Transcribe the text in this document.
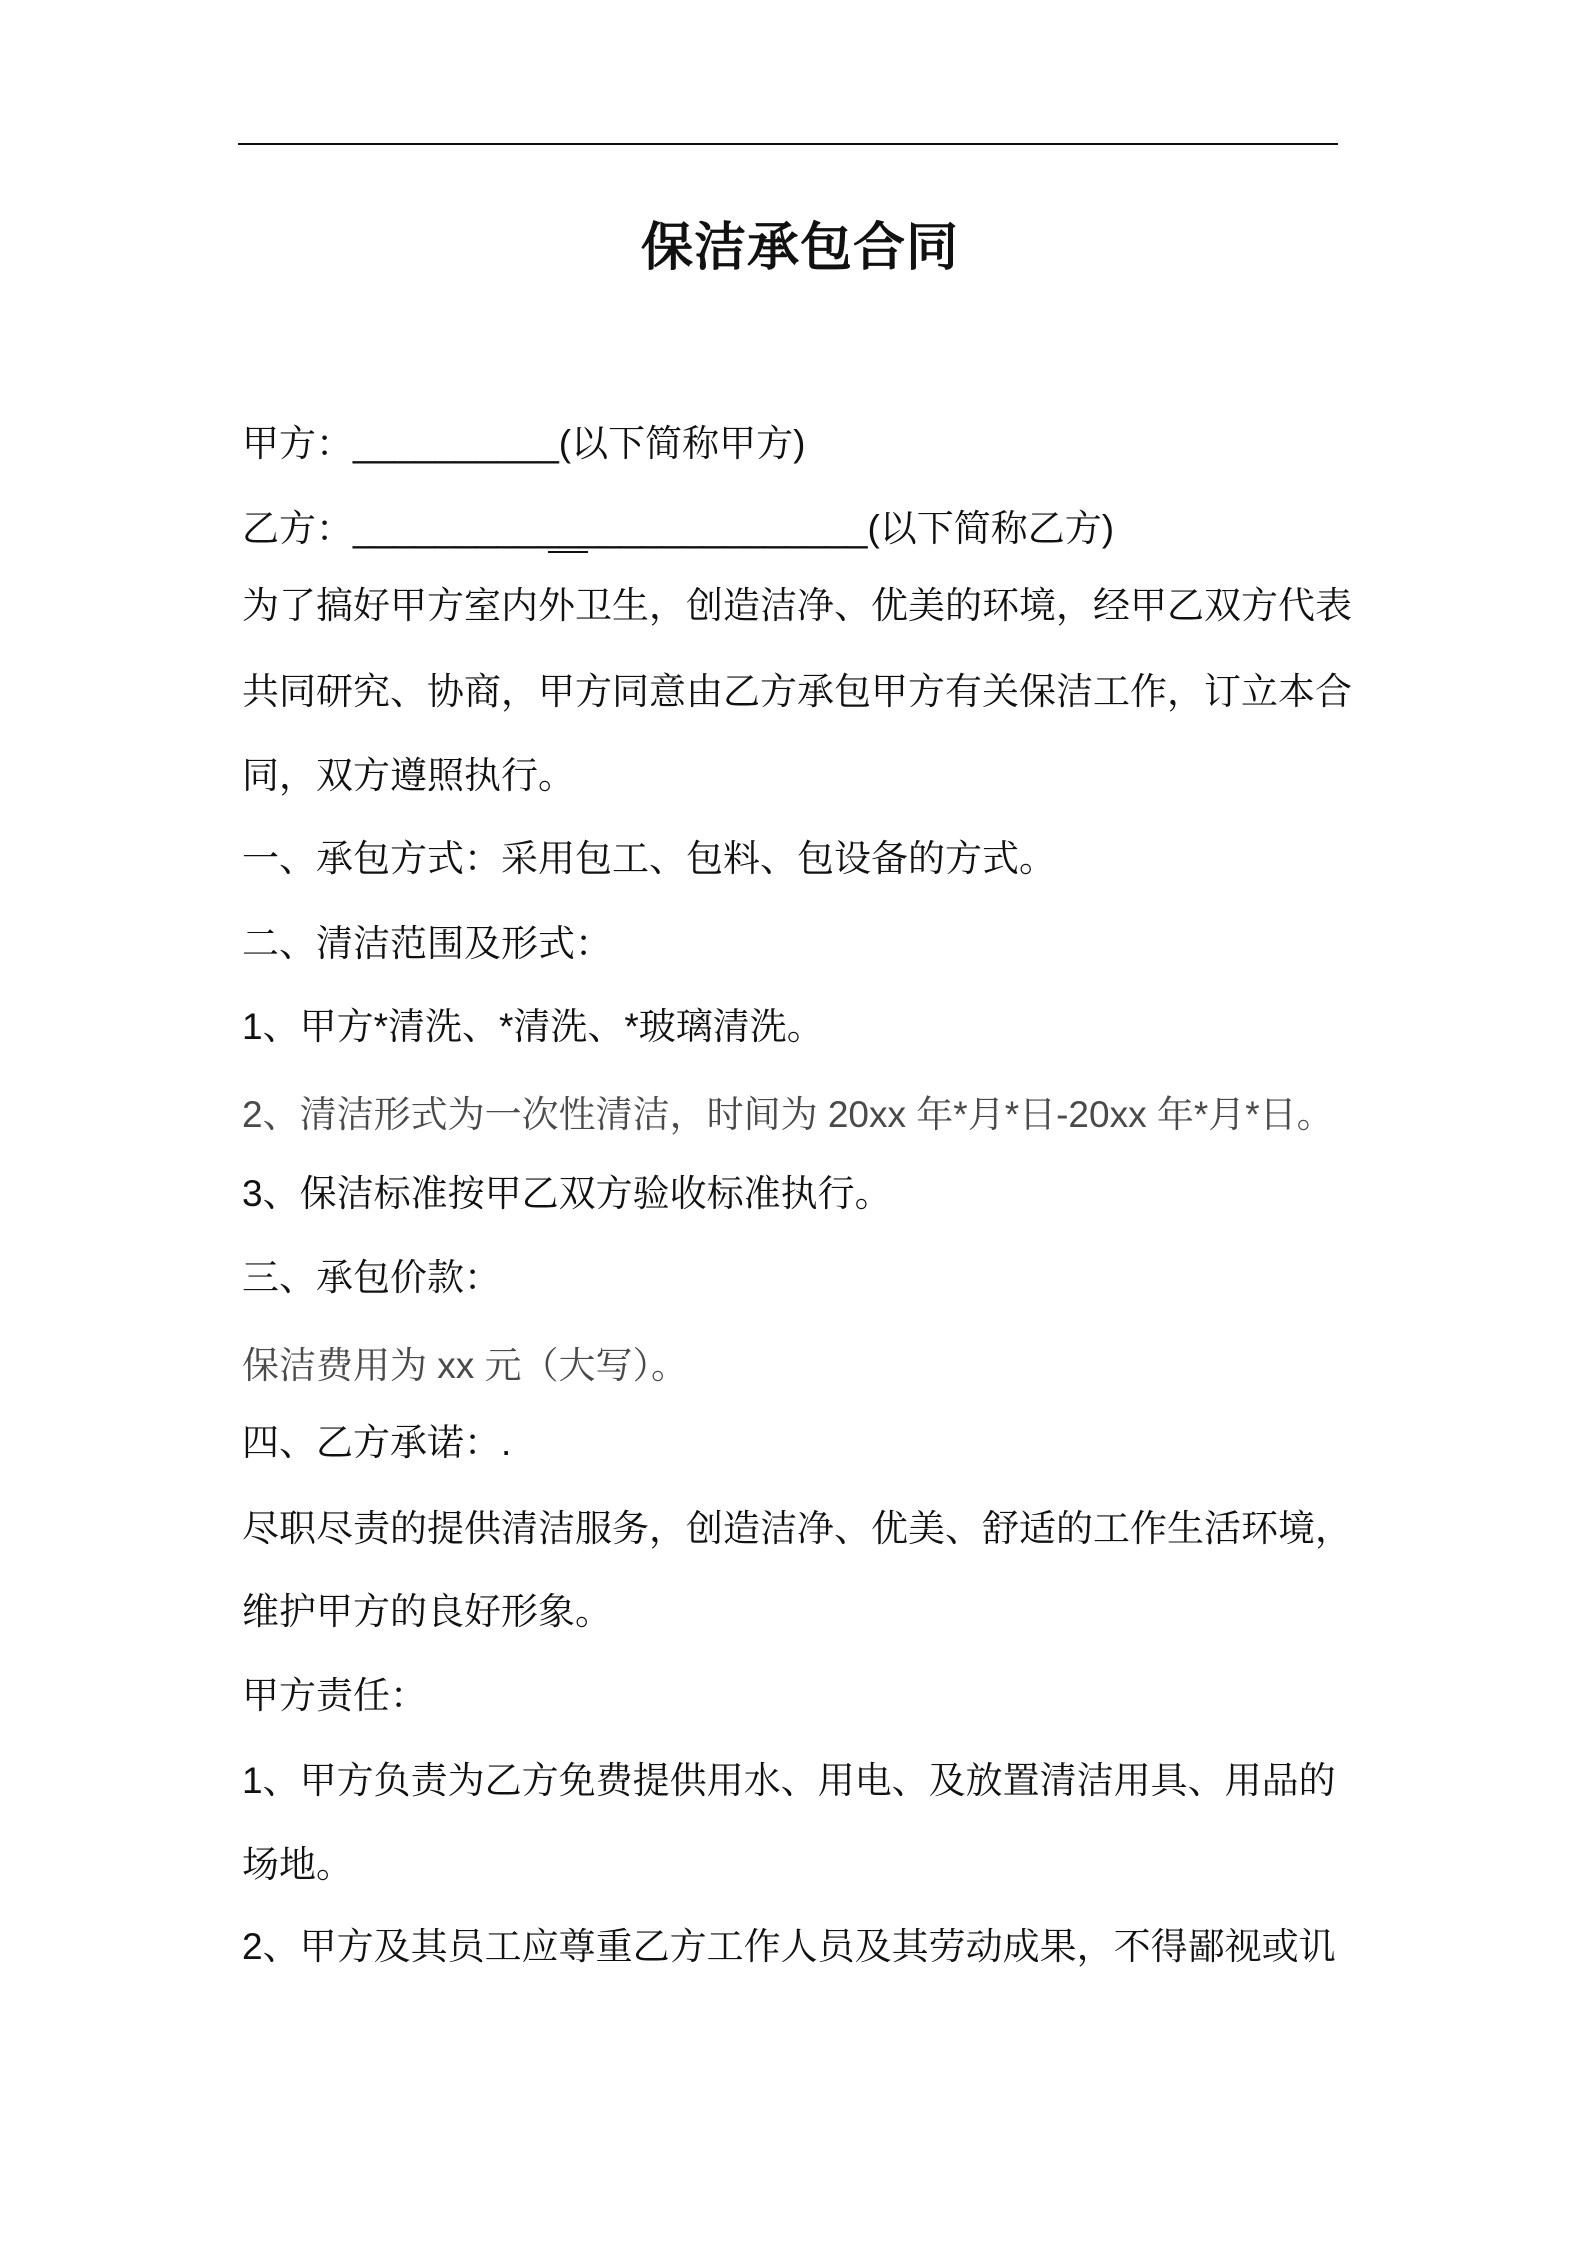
保洁承包合同
甲方：__________(以下简称甲方)
乙方：_________________________(以下简称乙方)
为了搞好甲方室内外卫生，创造洁净、优美的环境，经甲乙双方代表
共同研究、协商，甲方同意由乙方承包甲方有关保洁工作，订立本合
同，双方遵照执行。
一、承包方式：采用包工、包料、包设备的方式。
二、清洁范围及形式：
1、甲方*清洗、*清洗、*玻璃清洗。
2、清洁形式为一次性清洁，时间为 20xx 年*月*日-20xx 年*月*日。
3、保洁标准按甲乙双方验收标准执行。
三、承包价款：
保洁费用为 xx 元（大写）。
四、乙方承诺：.
尽职尽责的提供清洁服务，创造洁净、优美、舒适的工作生活环境，
维护甲方的良好形象。
甲方责任：
1、甲方负责为乙方免费提供用水、用电、及放置清洁用具、用品的
场地。
2、甲方及其员工应尊重乙方工作人员及其劳动成果，不得鄙视或讥
